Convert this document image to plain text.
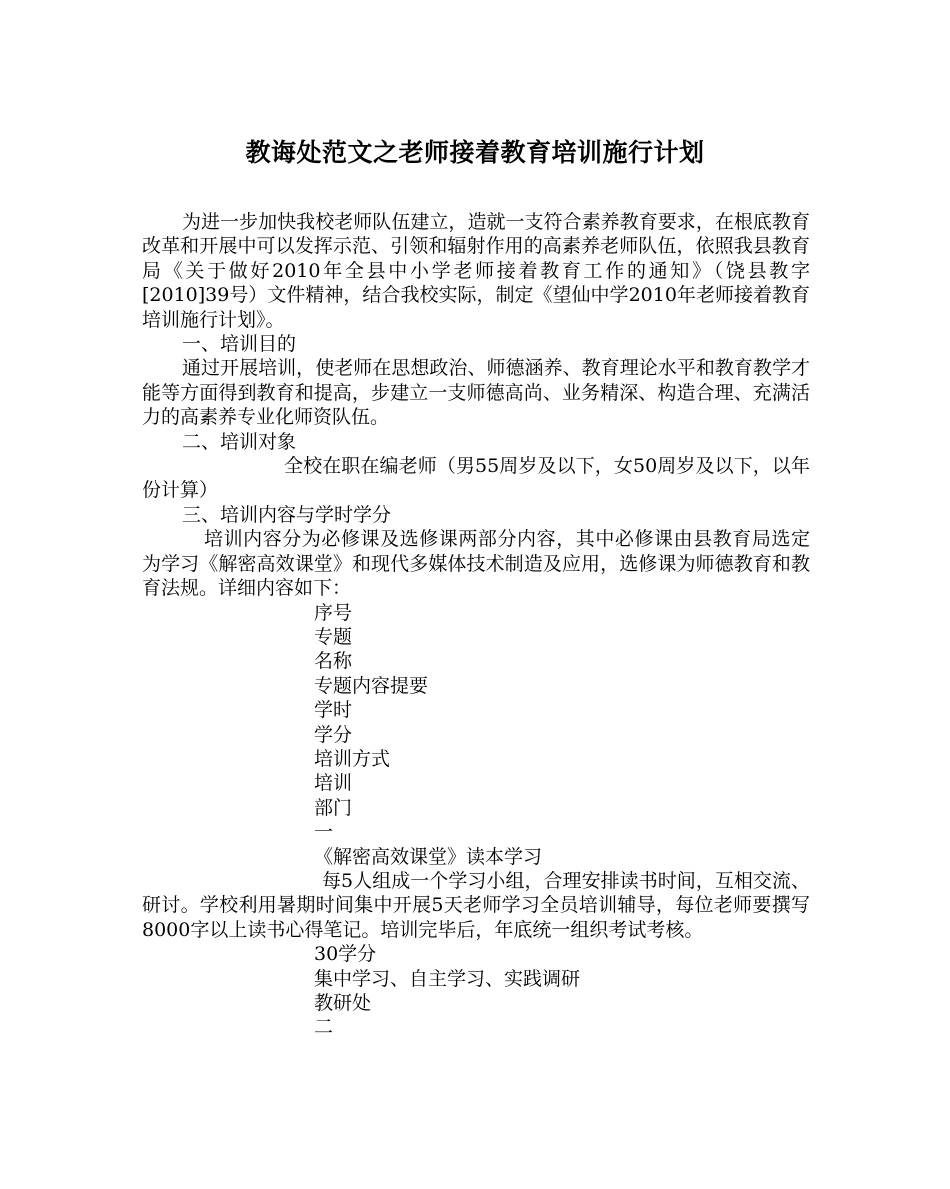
教诲处范文之老师接着教育培训施行计划

为进一步加快我校老师队伍建立，造就一支符合素养教育要求，在根底教育改革和开展中可以发挥示范、引领和辐射作用的高素养老师队伍，依照我县教育局《关于做好2010年全县中小学老师接着教育工作的通知》（饶县教字[2010]39号）文件精神，结合我校实际，制定《望仙中学2010年老师接着教育培训施行计划》。

一、培训目的

通过开展培训，使老师在思想政治、师德涵养、教育理论水平和教育教学才能等方面得到教育和提高，步建立一支师德高尚、业务精深、构造合理、充满活力的高素养专业化师资队伍。

二、培训对象

全校在职在编老师（男55周岁及以下，女50周岁及以下，以年份计算）

三、培训内容与学时学分

培训内容分为必修课及选修课两部分内容，其中必修课由县教育局选定为学习《解密高效课堂》和现代多媒体技术制造及应用，选修课为师德教育和教育法规。详细内容如下：

序号

专题

名称

专题内容提要

学时

学分

培训方式

培训

部门

一

《解密高效课堂》读本学习

每5人组成一个学习小组，合理安排读书时间，互相交流、研讨。学校利用暑期时间集中开展5天老师学习全员培训辅导，每位老师要撰写8000字以上读书心得笔记。培训完毕后，年底统一组织考试考核。

30学分

集中学习、自主学习、实践调研

教研处

二
